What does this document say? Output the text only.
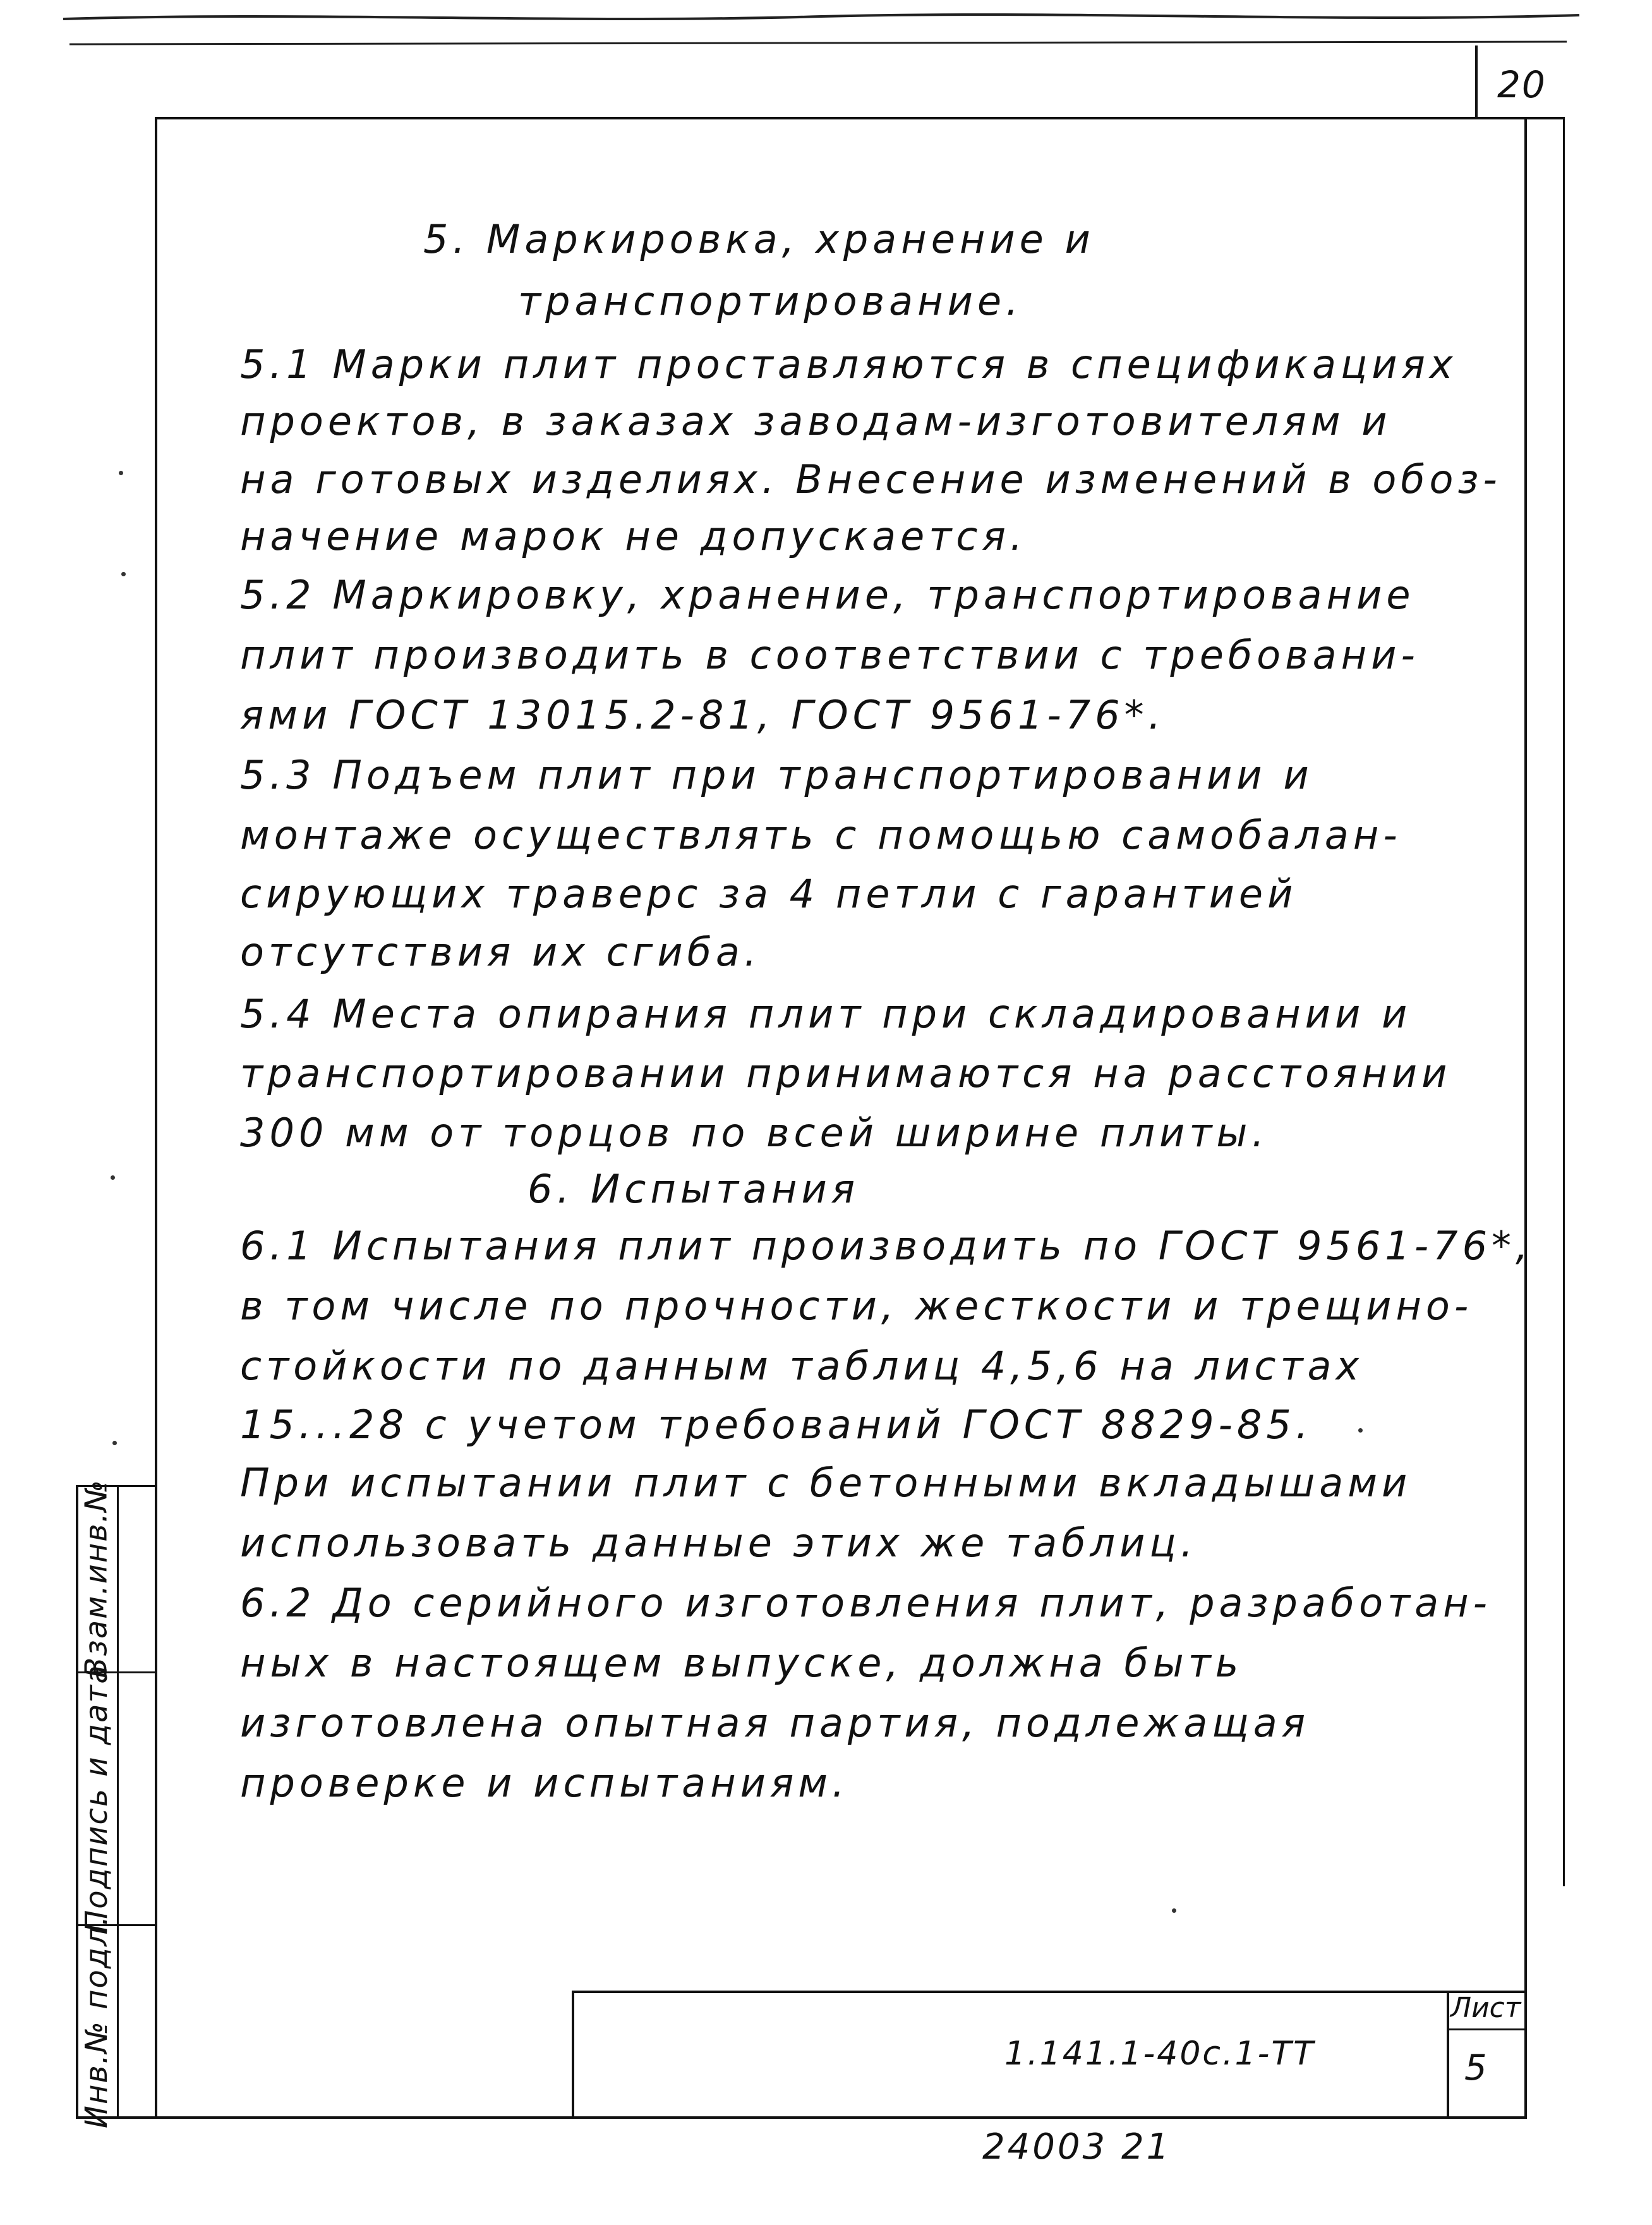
20
Взам.инв.№
Подпись и дата
Инв.№ подл.
5. Маркировка, хранение и
транспортирование.
5.1 Марки плит проставляются в спецификациях
проектов, в заказах заводам-изготовителям и
на готовых изделиях. Внесение изменений в обоз-
начение марок не допускается.
5.2 Маркировку, хранение, транспортирование
плит производить в соответствии с требовани-
ями ГОСТ 13015.2-81, ГОСТ 9561-76*.
5.3 Подъем плит при транспортировании и
монтаже осуществлять с помощью самобалан-
сирующих траверс за 4 петли с гарантией
отсутствия их сгиба.
5.4 Места опирания плит при складировании и
транспортировании принимаются на расстоянии
300 мм от торцов по всей ширине плиты.
6. Испытания
6.1 Испытания плит производить по ГОСТ 9561-76*,
в том числе по прочности, жесткости и трещино-
стойкости по данным таблиц 4,5,6 на листах
15...28 с учетом требований ГОСТ 8829-85.
При испытании плит с бетонными вкладышами
использовать данные этих же таблиц.
6.2 До серийного изготовления плит, разработан-
ных в настоящем выпуске, должна быть
изготовлена опытная партия, подлежащая
проверке и испытаниям.
1.141.1-40с.1-ТТ
Лист
5
24003 21
